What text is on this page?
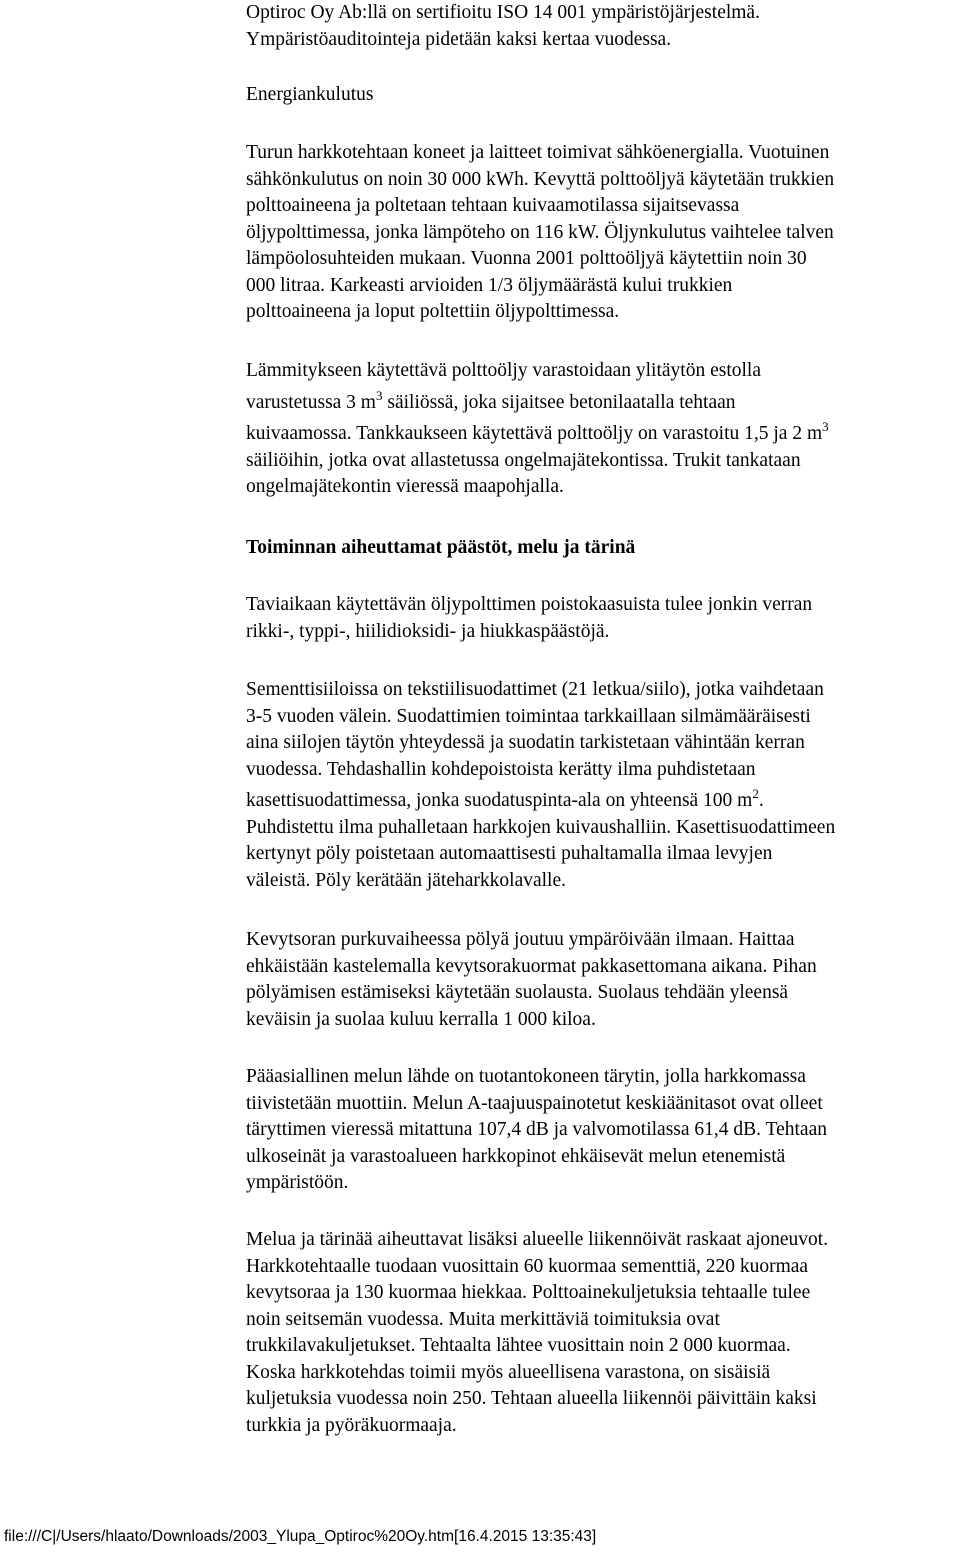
Optiroc Oy Ab:llä on sertifioitu ISO 14 001 ympäristöjärjestelmä.
Ympäristöauditointeja pidetään kaksi kertaa vuodessa.

Energiankulutus

Turun harkkotehtaan koneet ja laitteet toimivat sähköenergialla. Vuotuinen
sähkönkulutus on noin 30 000 kWh. Kevyttä polttoöljyä käytetään trukkien
polttoaineena ja poltetaan tehtaan kuivaamotilassa sijaitsevassa
öljypolttimessa, jonka lämpöteho on 116 kW. Öljynkulutus vaihtelee talven
lämpöolosuhteiden mukaan. Vuonna 2001 polttoöljyä käytettiin noin 30
000 litraa. Karkeasti arvioiden 1/3 öljymäärästä kului trukkien
polttoaineena ja loput poltettiin öljypolttimessa.

Lämmitykseen käytettävä polttoöljy varastoidaan ylitäytön estolla
varustetussa 3 $m^3$ säiliössä, joka sijaitsee betonilaatalla tehtaan
kuivaamossa. Tankkaukseen käytettävä polttoöljy on varastoitu 1,5 ja 2 $m^3$
säiliöihin, jotka ovat allastetussa ongelmajätekontissa. Trukit tankataan
ongelmajätekontin vieressä maapohjalla.

Toiminnan aiheuttamat päästöt, melu ja tärinä

Taviaikaan käytettävän öljypolttimen poistokaasuista tulee jonkin verran
rikki-, typpi-, hiilidioksidi- ja hiukkaspäästöjä.

Sementtisiiloissa on tekstiilisuodattimet (21 letkua/siilo), jotka vaihdetaan
3-5 vuoden välein. Suodattimien toimintaa tarkkaillaan silmämääräisesti
aina siilojen täytön yhteydessä ja suodatin tarkistetaan vähintään kerran
vuodessa. Tehdashallin kohdepoistoista kerätty ilma puhdistetaan
kasettisuodattimessa, jonka suodatuspinta-ala on yhteensä 100 $m^2$.
Puhdistettu ilma puhalletaan harkkojen kuivaushalliin. Kasettisuodattimeen
kertynyt pöly poistetaan automaattisesti puhaltamalla ilmaa levyjen
väleistä. Pöly kerätään jäteharkkolavalle.

Kevytsoran purkuvaiheessa pölyä joutuu ympäröivään ilmaan. Haittaa
ehkäistään kastelemalla kevytsorakuormat pakkasettomana aikana. Pihan
pölyämisen estämiseksi käytetään suolausta. Suolaus tehdään yleensä
keväisin ja suolaa kuluu kerralla 1 000 kiloa.

Pääasiallinen melun lähde on tuotantokoneen tärytin, jolla harkkomassa
tiivistetään muottiin. Melun A-taajuuspainotetut keskiäänitasot ovat olleet
täryttimen vieressä mitattuna 107,4 dB ja valvomotilassa 61,4 dB. Tehtaan
ulkoseinät ja varastoalueen harkkopinot ehkäisevät melun etenemistä
ympäristöön.

Melua ja tärinää aiheuttavat lisäksi alueelle liikennöivät raskaat ajoneuvot.
Harkkotehtaalle tuodaan vuosittain 60 kuormaa sementtiä, 220 kuormaa
kevytsoraa ja 130 kuormaa hiekkaa. Polttoainekuljetuksia tehtaalle tulee
noin seitsemän vuodessa. Muita merkittäviä toimituksia ovat
trukkilavakuljetukset. Tehtaalta lähtee vuosittain noin 2 000 kuormaa.
Koska harkkotehdas toimii myös alueellisena varastona, on sisäisiä
kuljetuksia vuodessa noin 250. Tehtaan alueella liikennöi päivittäin kaksi
turkkia ja pyöräkuormaaja.

file:///C|/Users/hlaato/Downloads/2003_Ylupa_Optiroc%20Oy.htm[16.4.2015 13:35:43]
